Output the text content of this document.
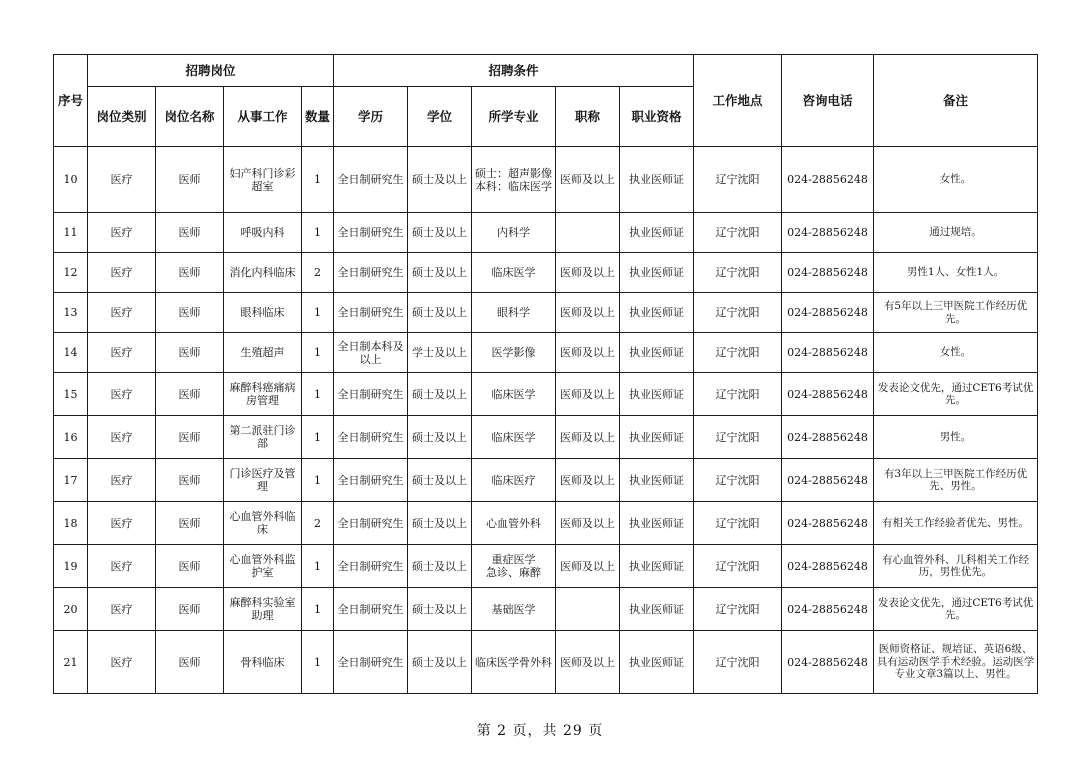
序号	招聘岗位				招聘条件					工作地点	咨询电话	备注
	岗位类别	岗位名称	从事工作	数量	学历	学位	所学专业	职称	职业资格			
10	医疗	医师	妇产科门诊彩超室	1	全日制研究生	硕士及以上	硕士：超声影像
本科：临床医学	医师及以上	执业医师证	辽宁沈阳	024-28856248	女性。
11	医疗	医师	呼吸内科	1	全日制研究生	硕士及以上	内科学		执业医师证	辽宁沈阳	024-28856248	通过规培。
12	医疗	医师	消化内科临床	2	全日制研究生	硕士及以上	临床医学	医师及以上	执业医师证	辽宁沈阳	024-28856248	男性1人、女性1人。
13	医疗	医师	眼科临床	1	全日制研究生	硕士及以上	眼科学	医师及以上	执业医师证	辽宁沈阳	024-28856248	有5年以上三甲医院工作经历优先。
14	医疗	医师	生殖超声	1	全日制本科及以上	学士及以上	医学影像	医师及以上	执业医师证	辽宁沈阳	024-28856248	女性。
15	医疗	医师	麻醉科癌痛病房管理	1	全日制研究生	硕士及以上	临床医学	医师及以上	执业医师证	辽宁沈阳	024-28856248	发表论文优先，通过CET6考试优先。
16	医疗	医师	第二派驻门诊部	1	全日制研究生	硕士及以上	临床医学	医师及以上	执业医师证	辽宁沈阳	024-28856248	男性。
17	医疗	医师	门诊医疗及管理	1	全日制研究生	硕士及以上	临床医疗	医师及以上	执业医师证	辽宁沈阳	024-28856248	有3年以上三甲医院工作经历优先、男性。
18	医疗	医师	心血管外科临床	2	全日制研究生	硕士及以上	心血管外科	医师及以上	执业医师证	辽宁沈阳	024-28856248	有相关工作经验者优先、男性。
19	医疗	医师	心血管外科监护室	1	全日制研究生	硕士及以上	重症医学
急诊、麻醉	医师及以上	执业医师证	辽宁沈阳	024-28856248	有心血管外科、儿科相关工作经历，男性优先。
20	医疗	医师	麻醉科实验室助理	1	全日制研究生	硕士及以上	基础医学		执业医师证	辽宁沈阳	024-28856248	发表论文优先，通过CET6考试优先。
21	医疗	医师	骨科临床	1	全日制研究生	硕士及以上	临床医学骨外科	医师及以上	执业医师证	辽宁沈阳	024-28856248	医师资格证、规培证、英语6级、具有运动医学手术经验。运动医学专业文章3篇以上、男性。
第 2 页，共 29 页
